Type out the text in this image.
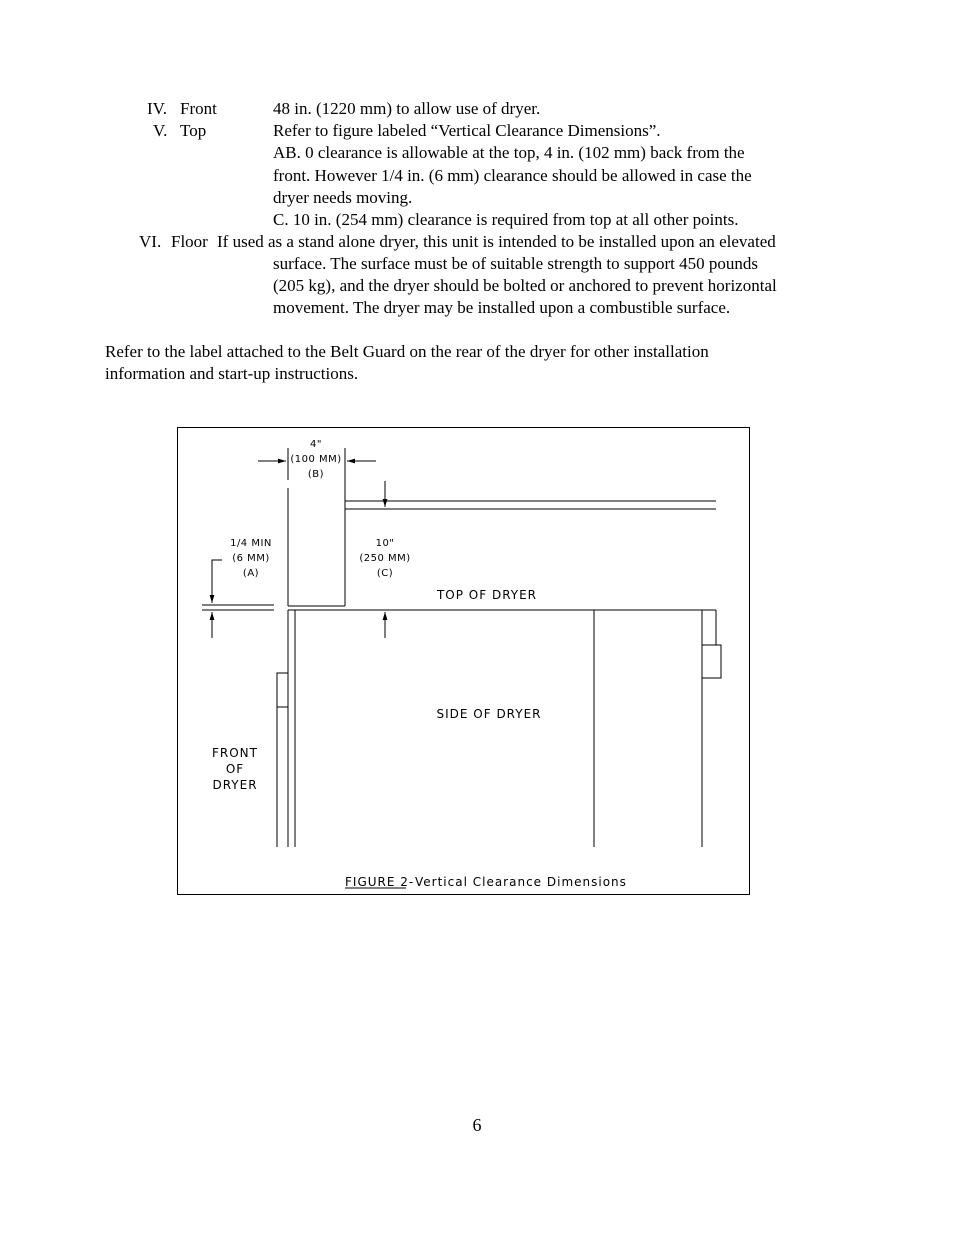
IV. Front	48 in. (1220 mm) to allow use of dryer.
V. Top	Refer to figure labeled “Vertical Clearance Dimensions”.
AB. 0 clearance is allowable at the top, 4 in. (102 mm) back from the
front. However 1/4 in. (6 mm) clearance should be allowed in case the
dryer needs moving.
C. 10 in. (254 mm) clearance is required from top at all other points.
VI. Floor If used as a stand alone dryer, this unit is intended to be installed upon an elevated
surface. The surface must be of suitable strength to support 450 pounds
(205 kg), and the dryer should be bolted or anchored to prevent horizontal
movement. The dryer may be installed upon a combustible surface.
Refer to the label attached to the Belt Guard on the rear of the dryer for other installation
information and start-up instructions.
4"
(100 MM)
(B)
1/4 MIN
(6 MM)
(A)
10"
(250 MM)
(C)
TOP OF DRYER
SIDE OF DRYER
FRONT
OF
DRYER
FIGURE 2- Vertical Clearance Dimensions
6
